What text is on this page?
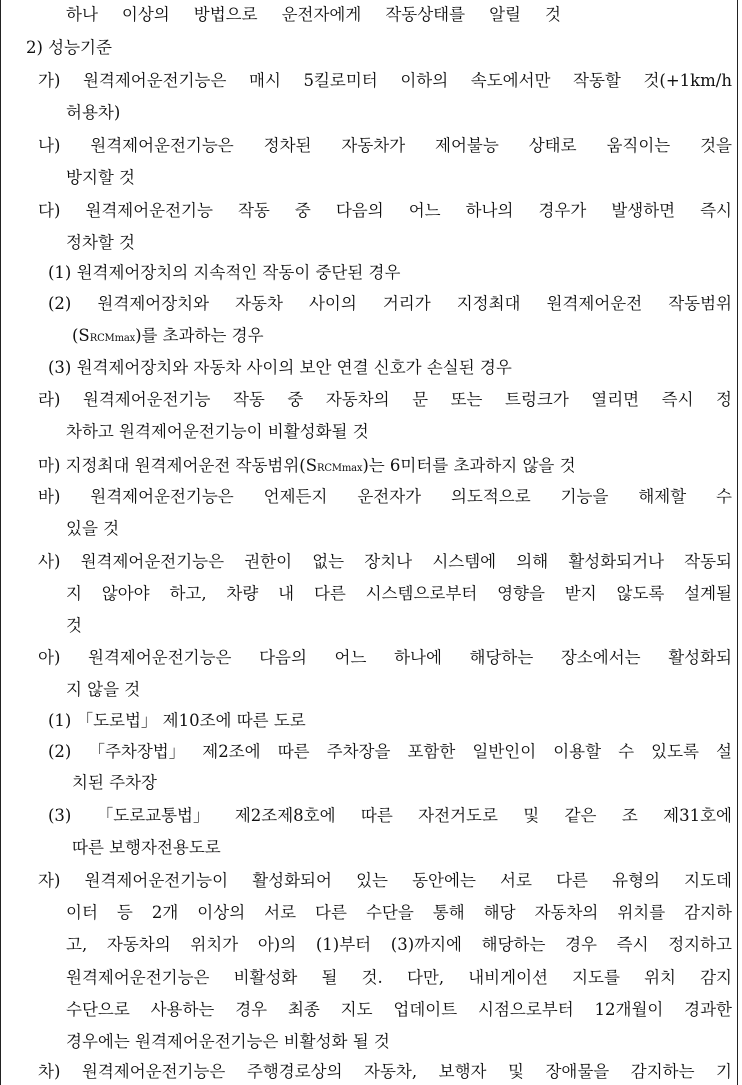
하나 이상의 방법으로 운전자에게 작동상태를 알릴 것
2) 성능기준
가) 원격제어운전기능은 매시 5킬로미터 이하의 속도에서만 작동할 것(+1km/h
허용차)
나) 원격제어운전기능은 정차된 자동차가 제어불능 상태로 움직이는 것을
방지할 것
다) 원격제어운전기능 작동 중 다음의 어느 하나의 경우가 발생하면 즉시
정차할 것
(1) 원격제어장치의 지속적인 작동이 중단된 경우
(2) 원격제어장치와 자동차 사이의 거리가 지정최대 원격제어운전 작동범위
(SRCMmax)를 초과하는 경우
(3) 원격제어장치와 자동차 사이의 보안 연결 신호가 손실된 경우
라) 원격제어운전기능 작동 중 자동차의 문 또는 트렁크가 열리면 즉시 정
차하고 원격제어운전기능이 비활성화될 것
마) 지정최대 원격제어운전 작동범위(SRCMmax)는 6미터를 초과하지 않을 것
바) 원격제어운전기능은 언제든지 운전자가 의도적으로 기능을 해제할 수
있을 것
사) 원격제어운전기능은 권한이 없는 장치나 시스템에 의해 활성화되거나 작동되
지 않아야 하고, 차량 내 다른 시스템으로부터 영향을 받지 않도록 설계될
것
아) 원격제어운전기능은 다음의 어느 하나에 해당하는 장소에서는 활성화되
지 않을 것
(1) 「도로법」 제10조에 따른 도로
(2) 「주차장법」 제2조에 따른 주차장을 포함한 일반인이 이용할 수 있도록 설
치된 주차장
(3) 「도로교통법」 제2조제8호에 따른 자전거도로 및 같은 조 제31호에
따른 보행자전용도로
자) 원격제어운전기능이 활성화되어 있는 동안에는 서로 다른 유형의 지도데
이터 등 2개 이상의 서로 다른 수단을 통해 해당 자동차의 위치를 감지하
고, 자동차의 위치가 아)의 (1)부터 (3)까지에 해당하는 경우 즉시 정지하고
원격제어운전기능은 비활성화 될 것. 다만, 내비게이션 지도를 위치 감지
수단으로 사용하는 경우 최종 지도 업데이트 시점으로부터 12개월이 경과한
경우에는 원격제어운전기능은 비활성화 될 것
차) 원격제어운전기능은 주행경로상의 자동차, 보행자 및 장애물을 감지하는 기
